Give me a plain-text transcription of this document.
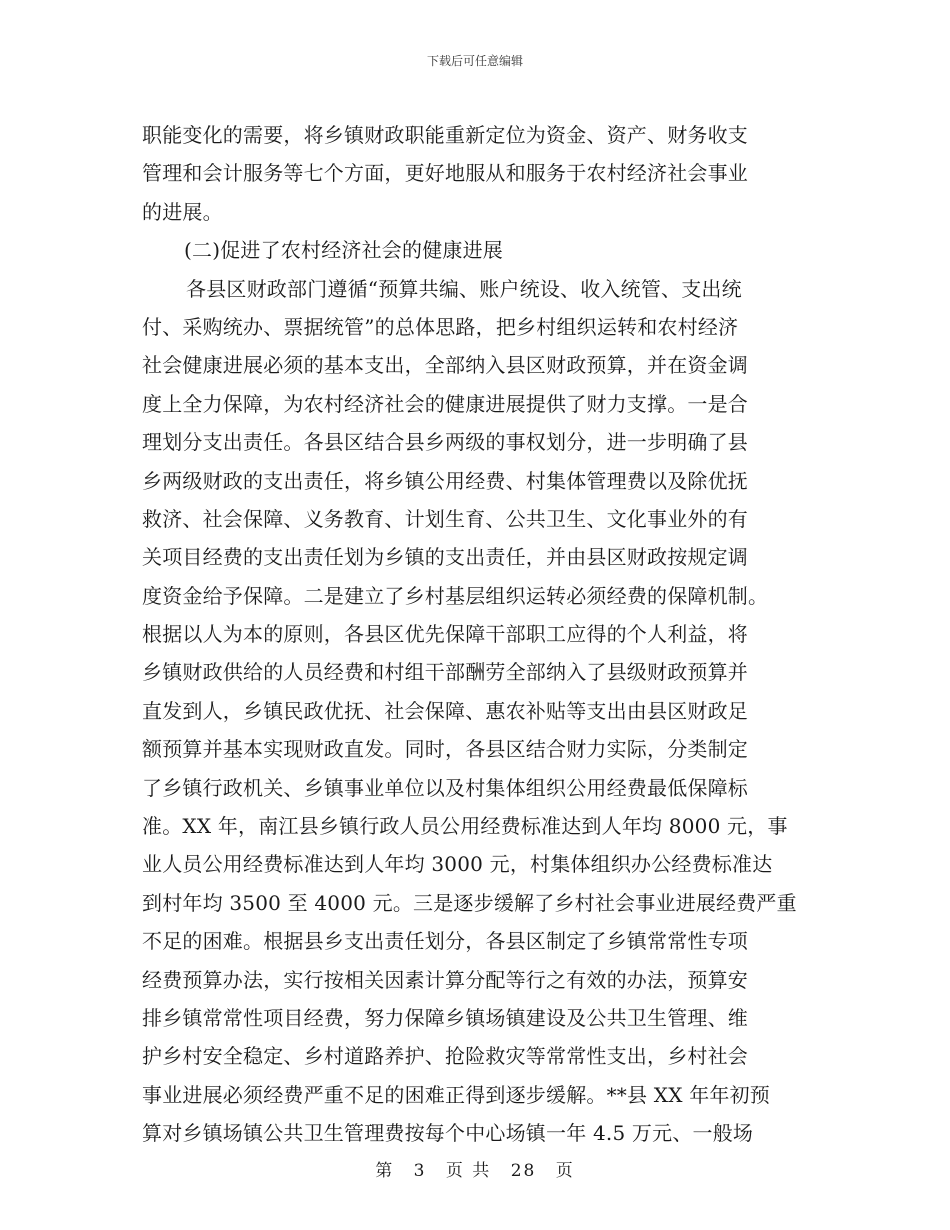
下载后可任意编辑
职能变化的需要，将乡镇财政职能重新定位为资金、资产、财务收支
管理和会计服务等七个方面，更好地服从和服务于农村经济社会事业
的进展。
(二)促进了农村经济社会的健康进展
各县区财政部门遵循“预算共编、账户统设、收入统管、支出统
付、采购统办、票据统管”的总体思路，把乡村组织运转和农村经济
社会健康进展必须的基本支出，全部纳入县区财政预算，并在资金调
度上全力保障，为农村经济社会的健康进展提供了财力支撑。一是合
理划分支出责任。各县区结合县乡两级的事权划分，进一步明确了县
乡两级财政的支出责任，将乡镇公用经费、村集体管理费以及除优抚
救济、社会保障、义务教育、计划生育、公共卫生、文化事业外的有
关项目经费的支出责任划为乡镇的支出责任，并由县区财政按规定调
度资金给予保障。二是建立了乡村基层组织运转必须经费的保障机制。
根据以人为本的原则，各县区优先保障干部职工应得的个人利益，将
乡镇财政供给的人员经费和村组干部酬劳全部纳入了县级财政预算并
直发到人，乡镇民政优抚、社会保障、惠农补贴等支出由县区财政足
额预算并基本实现财政直发。同时，各县区结合财力实际，分类制定
了乡镇行政机关、乡镇事业单位以及村集体组织公用经费最低保障标
准。XX 年，南江县乡镇行政人员公用经费标准达到人年均 8000 元，事
业人员公用经费标准达到人年均 3000 元，村集体组织办公经费标准达
到村年均 3500 至 4000 元。三是逐步缓解了乡村社会事业进展经费严重
不足的困难。根据县乡支出责任划分，各县区制定了乡镇常常性专项
经费预算办法，实行按相关因素计算分配等行之有效的办法，预算安
排乡镇常常性项目经费，努力保障乡镇场镇建设及公共卫生管理、维
护乡村安全稳定、乡村道路养护、抢险救灾等常常性支出，乡村社会
事业进展必须经费严重不足的困难正得到逐步缓解。**县 XX 年年初预
算对乡镇场镇公共卫生管理费按每个中心场镇一年 4.5 万元、一般场
第 3 页 共 28 页
